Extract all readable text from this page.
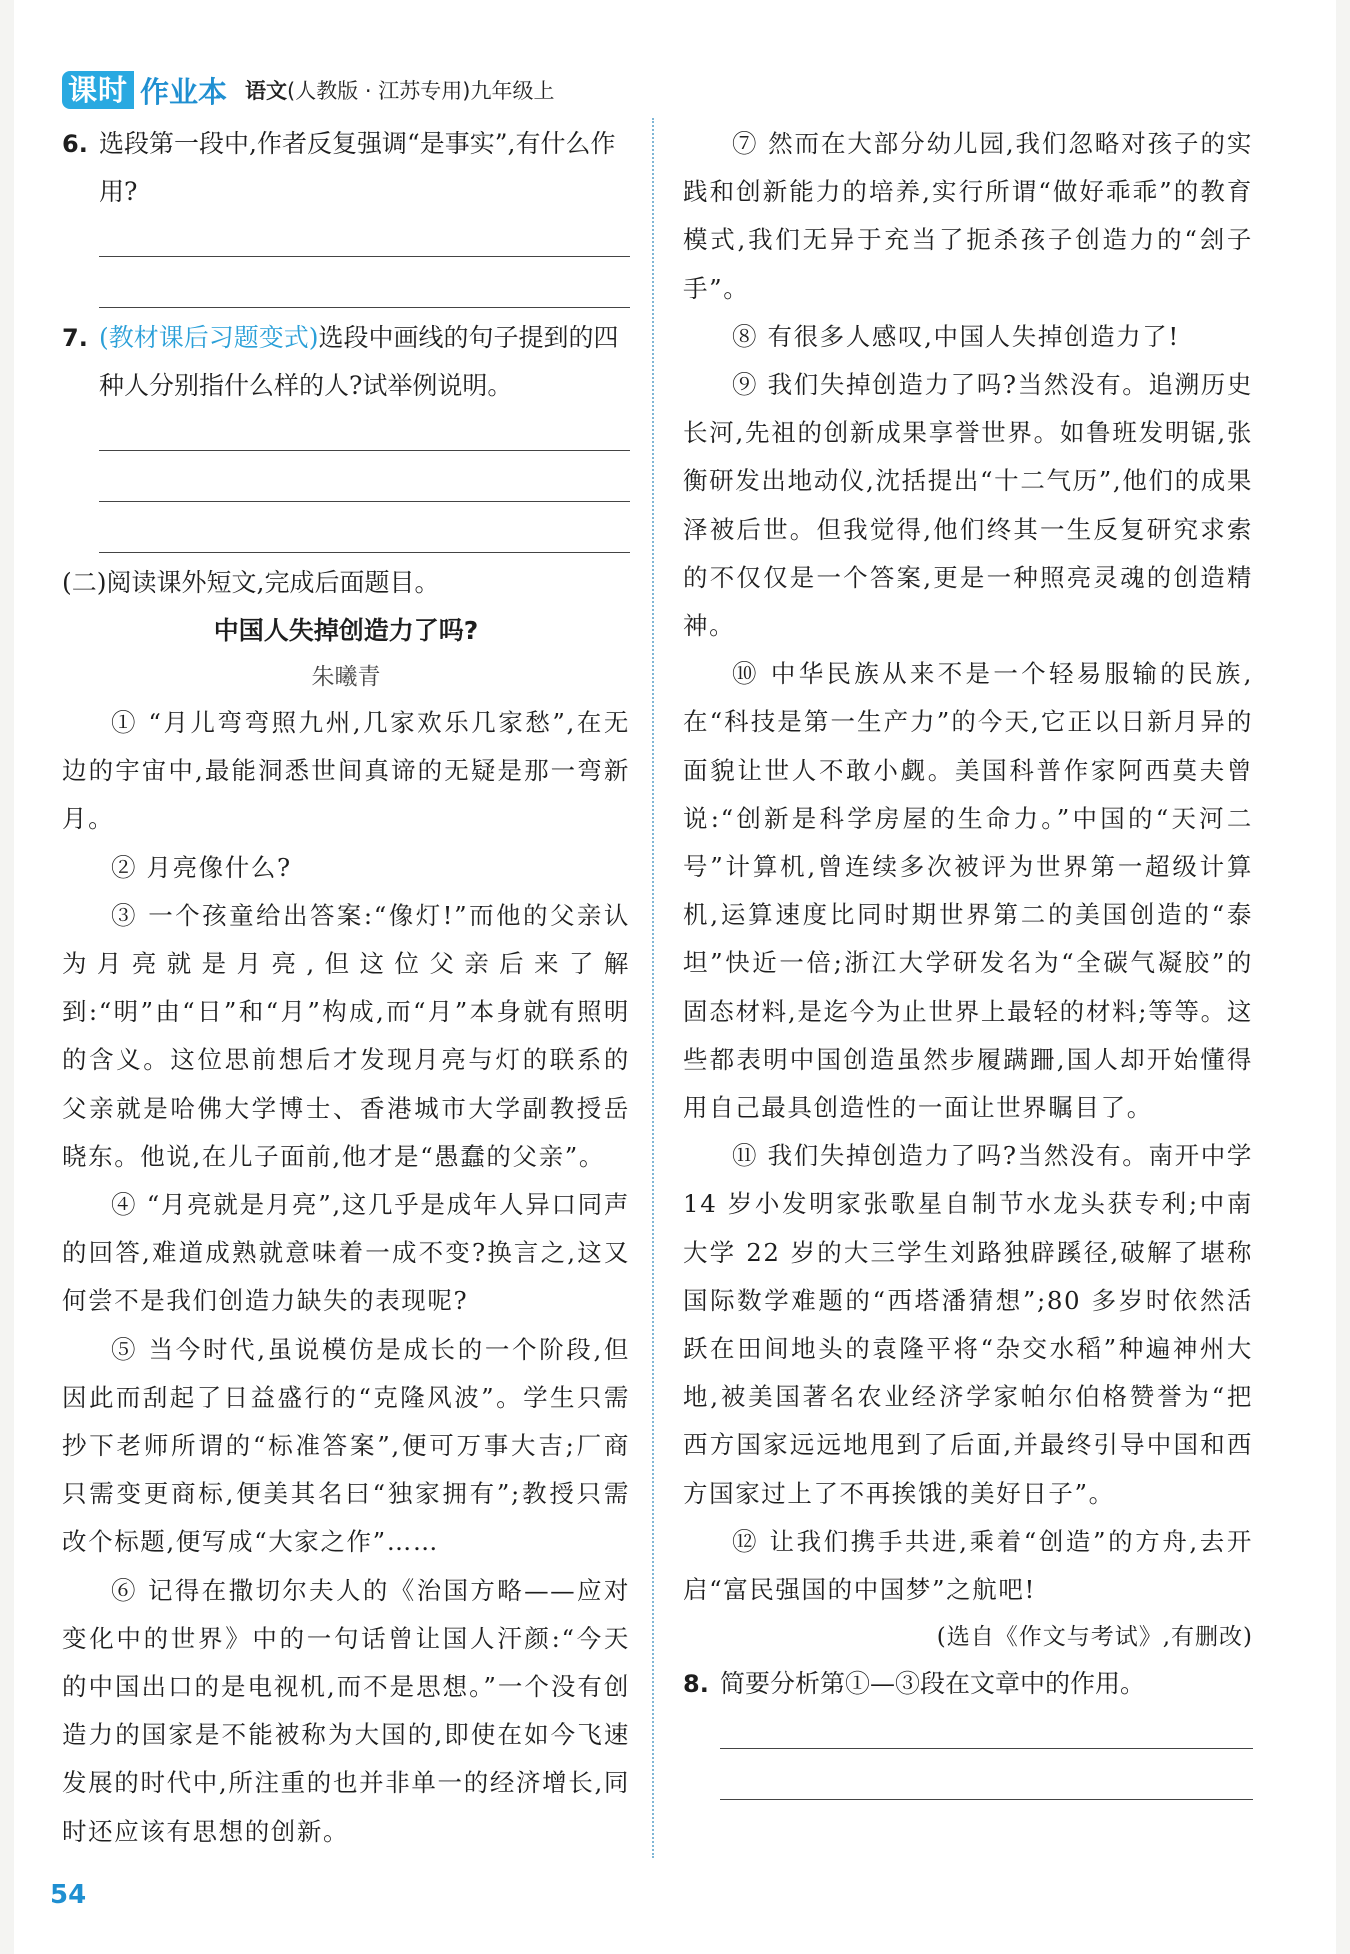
课时 作业本 语文(人教版 · 江苏专用)九年级上
6. 选段第一段中,作者反复强调“是事实”,有什么作用?
7. (教材课后习题变式)选段中画线的句子提到的四种人分别指什么样的人?试举例说明。
(二)阅读课外短文,完成后面题目。
中国人失掉创造力了吗?
朱曦青

① “月儿弯弯照九州,几家欢乐几家愁”,在无边的宇宙中,最能洞悉世间真谛的无疑是那一弯新月。

② 月亮像什么?

③ 一个孩童给出答案:“像灯!”而他的父亲认为月亮就是月亮,但这位父亲后来了解到:“明”由“日”和“月”构成,而“月”本身就有照明的含义。这位思前想后才发现月亮与灯的联系的父亲就是哈佛大学博士、香港城市大学副教授岳晓东。他说,在儿子面前,他才是“愚蠢的父亲”。

④ “月亮就是月亮”,这几乎是成年人异口同声的回答,难道成熟就意味着一成不变?换言之,这又何尝不是我们创造力缺失的表现呢?

⑤ 当今时代,虽说模仿是成长的一个阶段,但因此而刮起了日益盛行的“克隆风波”。学生只需抄下老师所谓的“标准答案”,便可万事大吉;厂商只需变更商标,便美其名曰“独家拥有”;教授只需改个标题,便写成“大家之作”……

⑥ 记得在撒切尔夫人的《治国方略——应对变化中的世界》中的一句话曾让国人汗颜:“今天的中国出口的是电视机,而不是思想。”一个没有创造力的国家是不能被称为大国的,即使在如今飞速发展的时代中,所注重的也并非单一的经济增长,同时还应该有思想的创新。

⑦ 然而在大部分幼儿园,我们忽略对孩子的实践和创新能力的培养,实行所谓“做好乖乖”的教育模式,我们无异于充当了扼杀孩子创造力的“刽子手”。

⑧ 有很多人感叹,中国人失掉创造力了!

⑨ 我们失掉创造力了吗?当然没有。追溯历史长河,先祖的创新成果享誉世界。如鲁班发明锯,张衡研发出地动仪,沈括提出“十二气历”,他们的成果泽被后世。但我觉得,他们终其一生反复研究求索的不仅仅是一个答案,更是一种照亮灵魂的创造精神。

⑩ 中华民族从来不是一个轻易服输的民族,在“科技是第一生产力”的今天,它正以日新月异的面貌让世人不敢小觑。美国科普作家阿西莫夫曾说:“创新是科学房屋的生命力。”中国的“天河二号”计算机,曾连续多次被评为世界第一超级计算机,运算速度比同时期世界第二的美国创造的“泰坦”快近一倍;浙江大学研发名为“全碳气凝胶”的固态材料,是迄今为止世界上最轻的材料;等等。这些都表明中国创造虽然步履蹒跚,国人却开始懂得用自己最具创造性的一面让世界瞩目了。

⑪ 我们失掉创造力了吗?当然没有。南开中学 14 岁小发明家张歌星自制节水龙头获专利;中南大学 22 岁的大三学生刘路独辟蹊径,破解了堪称国际数学难题的“西塔潘猜想”;80 多岁时依然活跃在田间地头的袁隆平将“杂交水稻”种遍神州大地,被美国著名农业经济学家帕尔伯格赞誉为“把西方国家远远地甩到了后面,并最终引导中国和西方国家过上了不再挨饿的美好日子”。

⑫ 让我们携手共进,乘着“创造”的方舟,去开启“富民强国的中国梦”之航吧!

(选自《作文与考试》,有删改)
8. 简要分析第①—③段在文章中的作用。
54
